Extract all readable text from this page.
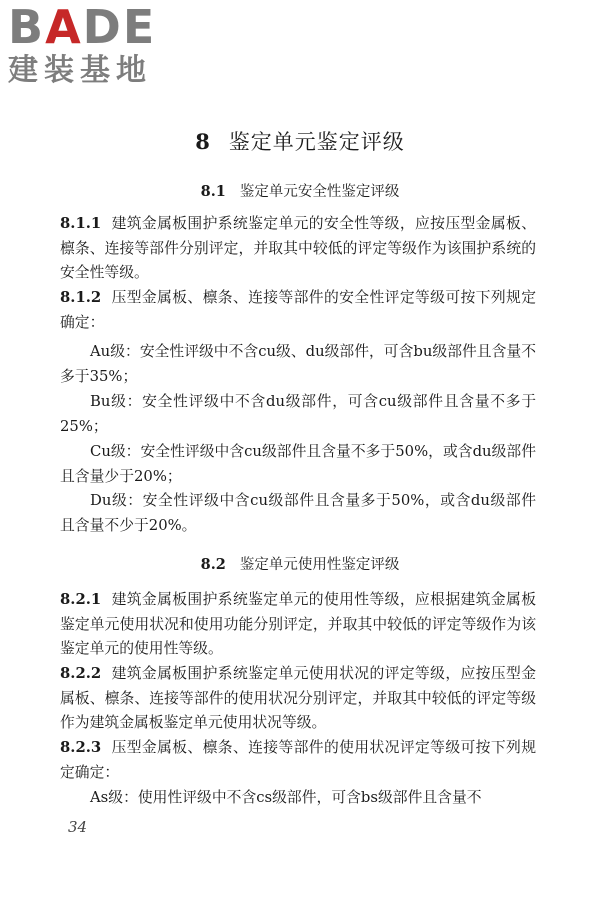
BADE
建装基地
8 鉴定单元鉴定评级
8.1 鉴定单元安全性鉴定评级
8.1.1 建筑金属板围护系统鉴定单元的安全性等级，应按压型金属板、檩条、连接等部件分别评定，并取其中较低的评定等级作为该围护系统的安全性等级。
8.1.2 压型金属板、檩条、连接等部件的安全性评定等级可按下列规定确定：
Au级：安全性评级中不含cu级、du级部件，可含bu级部件且含量不多于35%；
Bu级：安全性评级中不含du级部件，可含cu级部件且含量不多于25%；
Cu级：安全性评级中含cu级部件且含量不多于50%，或含du级部件且含量少于20%；
Du级：安全性评级中含cu级部件且含量多于50%，或含du级部件且含量不少于20%。
8.2 鉴定单元使用性鉴定评级
8.2.1 建筑金属板围护系统鉴定单元的使用性等级，应根据建筑金属板鉴定单元使用状况和使用功能分别评定，并取其中较低的评定等级作为该鉴定单元的使用性等级。
8.2.2 建筑金属板围护系统鉴定单元使用状况的评定等级，应按压型金属板、檩条、连接等部件的使用状况分别评定，并取其中较低的评定等级作为建筑金属板鉴定单元使用状况等级。
8.2.3 压型金属板、檩条、连接等部件的使用状况评定等级可按下列规定确定：
As级：使用性评级中不含cs级部件，可含bs级部件且含量不
34
